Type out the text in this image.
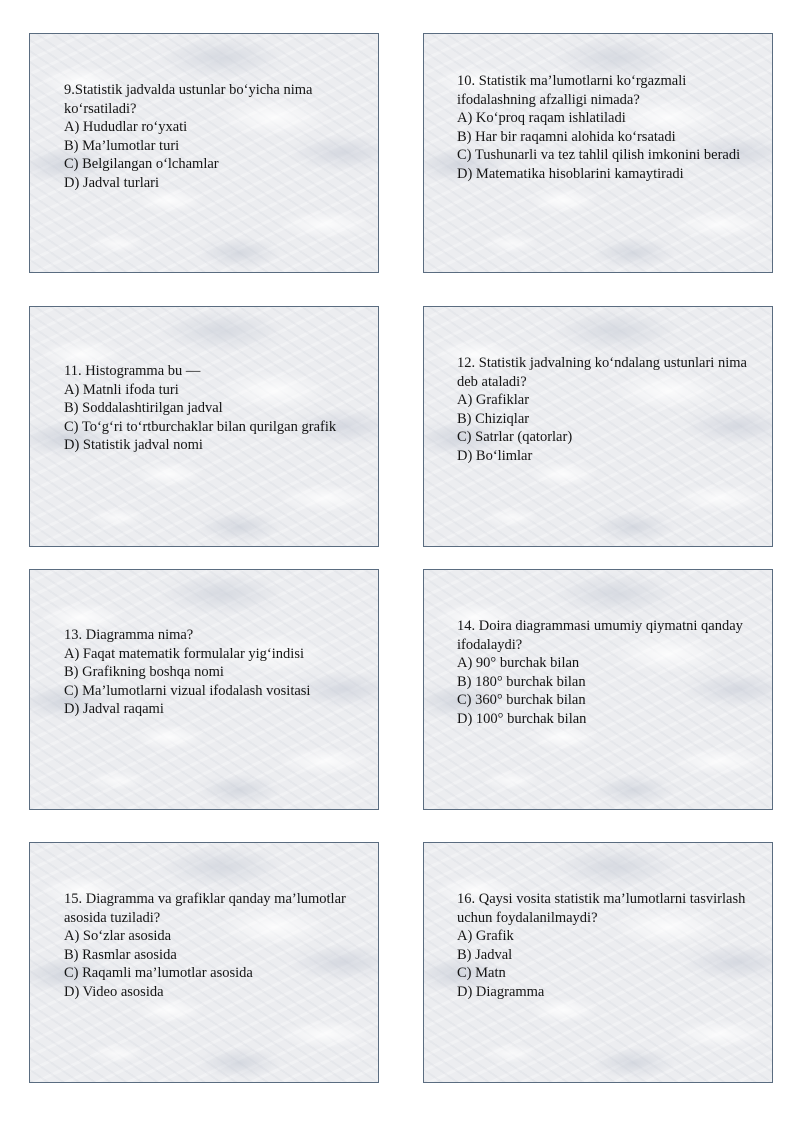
9.Statistik jadvalda ustunlar bo‘yicha nima ko‘rsatiladi?
A) Hududlar ro‘yxati
B) Ma’lumotlar turi
C) Belgilangan o‘lchamlar
D) Jadval turlari
10. Statistik ma’lumotlarni ko‘rgazmali ifodalashning afzalligi nimada?
A) Ko‘proq raqam ishlatiladi
B) Har bir raqamni alohida ko‘rsatadi
C) Tushunarli va tez tahlil qilish imkonini beradi
D) Matematika hisoblarini kamaytiradi
11. Histogramma bu —
A) Matnli ifoda turi
B) Soddalashtirilgan jadval
C) To‘g‘ri to‘rtburchaklar bilan qurilgan grafik
D) Statistik jadval nomi
12. Statistik jadvalning ko‘ndalang ustunlari nima deb ataladi?
A) Grafiklar
B) Chiziqlar
C) Satrlar (qatorlar)
D) Bo‘limlar
13. Diagramma nima?
A) Faqat matematik formulalar yig‘indisi
B) Grafikning boshqa nomi
C) Ma’lumotlarni vizual ifodalash vositasi
D) Jadval raqami
14. Doira diagrammasi umumiy qiymatni qanday ifodalaydi?
A) 90° burchak bilan
B) 180° burchak bilan
C) 360° burchak bilan
D) 100° burchak bilan
15. Diagramma va grafiklar qanday ma’lumotlar asosida tuziladi?
A) So‘zlar asosida
B) Rasmlar asosida
C) Raqamli ma’lumotlar asosida
D) Video asosida
16. Qaysi vosita statistik ma’lumotlarni tasvirlash uchun foydalanilmaydi?
A) Grafik
B) Jadval
C) Matn
D) Diagramma
